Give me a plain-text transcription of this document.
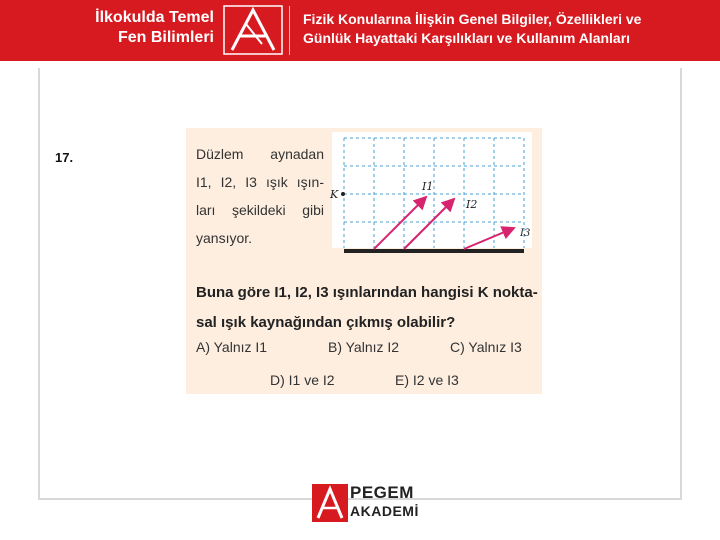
İlkokulda Temel
Fen Bilimleri
Fizik Konularına İlişkin Genel Bilgiler, Özellikleri ve
Günlük Hayattaki Karşılıkları ve Kullanım Alanları
17.	Düzlem aynadan
I1, I2, I3 ışık ışın-
ları şekildeki gibi
yansıyor.
K
I1
I2
I3
Buna göre I1, I2, I3 ışınlarından hangisi K nokta-
sal ışık kaynağından çıkmış olabilir?
A) Yalnız I1	B) Yalnız I2	C) Yalnız I3
D) I1 ve I2	E) I2 ve I3
PEGEM
AKADEMİ
